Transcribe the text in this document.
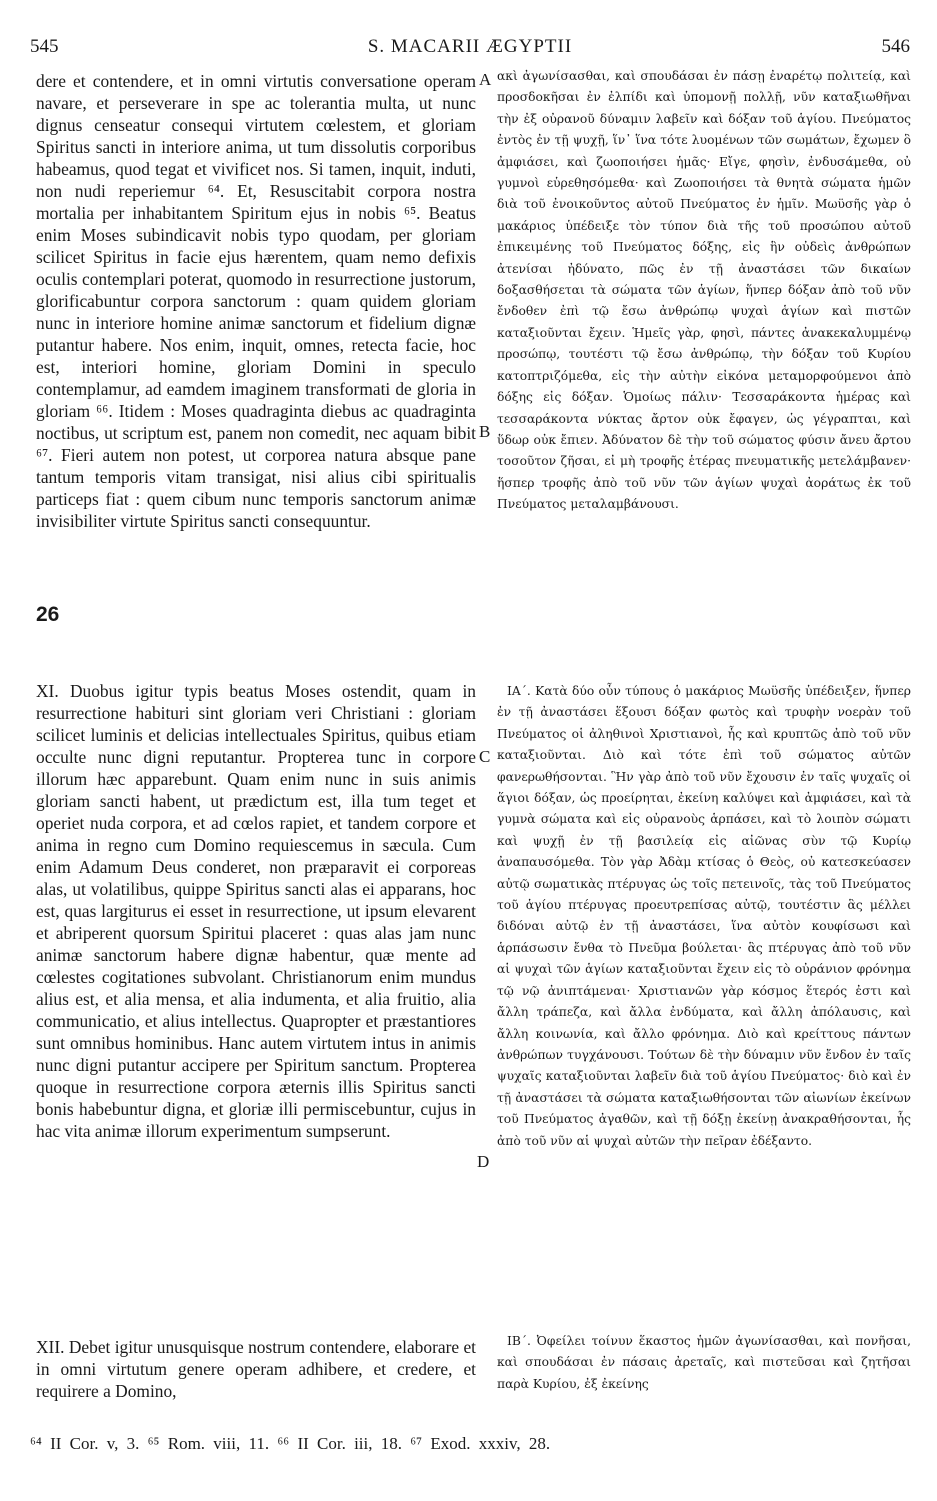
545	S. MACARII ÆGYPTII	546

dere et contendere, et in omni virtutis conversatione operam navare, et perseverare in spe ac tolerantia multa, ut nunc dignus censeatur consequi virtutem cœlestem, et gloriam Spiritus sancti in interiore anima, ut tum dissolutis corporibus habeamus, quod tegat et vivificet nos. Si tamen, inquit, induti, non nudi reperiemur ⁶⁴. Et, Resuscitabit corpora nostra mortalia per inhabitantem Spiritum ejus in nobis ⁶⁵. Beatus enim Moses subindicavit nobis typo quodam, per gloriam scilicet Spiritus in facie ejus hærentem, quam nemo defixis oculis contemplari poterat, quomodo in resurrectione justorum, glorificabuntur corpora sanctorum : quam quidem gloriam nunc in interiore homine animæ sanctorum et fidelium dignæ putantur habere. Nos enim, inquit, omnes, retecta facie, hoc est, interiori homine, gloriam Domini in speculo contemplamur, ad eamdem imaginem transformati de gloria in gloriam ⁶⁶. Itidem : Moses quadraginta diebus ac quadraginta noctibus, ut scriptum est, panem non comedit, nec aquam bibit ⁶⁷. Fieri autem non potest, ut corporea natura absque pane tantum temporis vitam transigat, nisi alius cibi spiritualis particeps fiat : quem cibum nunc temporis sanctorum animæ invisibiliter virtute Spiritus sancti consequuntur.

XI. Duobus igitur typis beatus Moses ostendit, quam in resurrectione habituri sint gloriam veri Christiani : gloriam scilicet luminis et delicias intellectuales Spiritus, quibus etiam occulte nunc digni reputantur. Propterea tunc in corpore illorum hæc apparebunt. Quam enim nunc in suis animis gloriam sancti habent, ut prædictum est, illa tum teget et operiet nuda corpora, et ad cœlos rapiet, et tandem corpore et anima in regno cum Domino requiescemus in sæcula. Cum enim Adamum Deus conderet, non præparavit ei corporeas alas, ut volatilibus, quippe Spiritus sancti alas ei apparans, hoc est, quas largiturus ei esset in resurrectione, ut ipsum elevarent et abriperent quorsum Spiritui placeret : quas alas jam nunc animæ sanctorum habere dignæ habentur, quæ mente ad cœlestes cogitationes subvolant. Christianorum enim mundus alius est, et alia mensa, et alia indumenta, et alia fruitio, alia communicatio, et alius intellectus. Quapropter et præstantiores sunt omnibus hominibus. Hanc autem virtutem intus in animis nunc digni putantur accipere per Spiritum sanctum. Propterea quoque in resurrectione corpora æternis illis Spiritus sancti bonis habebuntur digna, et gloriæ illi permiscebuntur, cujus in hac vita animæ illorum experimentum sumpserunt.

XII. Debet igitur unusquisque nostrum contendere, elaborare et in omni virtutum genere operam adhibere, et credere, et requirere a Domino,

ακὶ ἀγωνίσασθαι, καὶ σπουδάσαι ἐν πάσῃ ἐναρέτῳ πολιτείᾳ, καὶ προσδοκῆσαι ἐν ἐλπίδι καὶ ὑπομονῇ πολλῇ, νῦν καταξιωθῆναι τὴν ἐξ οὐρανοῦ δύναμιν λαβεῖν καὶ δόξαν τοῦ ἁγίου. Πνεύματος ἐντὸς ἐν τῇ ψυχῇ, ἵν᾽ ἵνα τότε λυομένων τῶν σωμάτων, ἔχωμεν ὃ ἀμφιάσει, καὶ ζωοποιήσει ἡμᾶς· Εἴγε, φησὶν, ἐνδυσάμεθα, οὐ γυμνοὶ εὑρεθησόμεθα· καὶ Ζωοποιήσει τὰ θνητὰ σώματα ἡμῶν διὰ τοῦ ἐνοικοῦντος αὐτοῦ Πνεύματος ἐν ἡμῖν. Μωϋσῆς γὰρ ὁ μακάριος ὑπέδειξε τὸν τύπον διὰ τῆς τοῦ προσώπου αὐτοῦ ἐπικειμένης τοῦ Πνεύματος δόξης, εἰς ἣν οὐδεὶς ἀνθρώπων ἀτενίσαι ἠδύνατο, πῶς ἐν τῇ ἀναστάσει τῶν δικαίων δοξασθήσεται τὰ σώματα τῶν ἁγίων, ἥνπερ δόξαν ἀπὸ τοῦ νῦν ἔνδοθεν ἐπὶ τῷ ἔσω ἀνθρώπῳ ψυχαὶ ἁγίων καὶ πιστῶν καταξιοῦνται ἔχειν. Ἡμεῖς γὰρ, φησὶ, πάντες ἀνακεκαλυμμένῳ προσώπῳ, τουτέστι τῷ ἔσω ἀνθρώπῳ, τὴν δόξαν τοῦ Κυρίου κατοπτριζόμεθα, εἰς τὴν αὐτὴν εἰκόνα μεταμορφούμενοι ἀπὸ δόξης εἰς δόξαν. Ὁμοίως πάλιν· Τεσσαράκοντα ἡμέρας καὶ τεσσαράκοντα νύκτας ἄρτον οὐκ ἔφαγεν, ὡς γέγραπται, καὶ ὕδωρ οὐκ ἔπιεν. Ἀδύνατον δὲ τὴν τοῦ σώματος φύσιν ἄνευ ἄρτου τοσοῦτον ζῆσαι, εἰ μὴ τροφῆς ἑτέρας πνευματικῆς μετελάμβανεν· ἥσπερ τροφῆς ἀπὸ τοῦ νῦν τῶν ἁγίων ψυχαὶ ἀοράτως ἐκ τοῦ Πνεύματος μεταλαμβάνουσι.

ΙΑ΄. Κατὰ δύο οὖν τύπους ὁ μακάριος Μωϋσῆς ὑπέδειξεν, ἥνπερ ἐν τῇ ἀναστάσει ἕξουσι δόξαν φωτὸς καὶ τρυφὴν νοερὰν τοῦ Πνεύματος οἱ ἀληθινοὶ Χριστιανοὶ, ἧς καὶ κρυπτῶς ἀπὸ τοῦ νῦν καταξιοῦνται. Διὸ καὶ τότε ἐπὶ τοῦ σώματος αὐτῶν φανερωθήσονται. Ἣν γὰρ ἀπὸ τοῦ νῦν ἔχουσιν ἐν ταῖς ψυχαῖς οἱ ἅγιοι δόξαν, ὡς προείρηται, ἐκείνη καλύψει καὶ ἀμφιάσει, καὶ τὰ γυμνὰ σώματα καὶ εἰς οὐρανοὺς ἁρπάσει, καὶ τὸ λοιπὸν σώματι καὶ ψυχῇ ἐν τῇ βασιλείᾳ εἰς αἰῶνας σὺν τῷ Κυρίῳ ἀναπαυσόμεθα. Τὸν γὰρ Ἀδὰμ κτίσας ὁ Θεὸς, οὐ κατεσκεύασεν αὐτῷ σωματικὰς πτέρυγας ὡς τοῖς πετεινοῖς, τὰς τοῦ Πνεύματος τοῦ ἁγίου πτέρυγας προευτρεπίσας αὐτῷ, τουτέστιν ἃς μέλλει διδόναι αὐτῷ ἐν τῇ ἀναστάσει, ἵνα αὐτὸν κουφίσωσι καὶ ἁρπάσωσιν ἔνθα τὸ Πνεῦμα βούλεται· ἃς πτέρυγας ἀπὸ τοῦ νῦν αἱ ψυχαὶ τῶν ἁγίων καταξιοῦνται ἔχειν εἰς τὸ οὐράνιον φρόνημα τῷ νῷ ἀνιπτάμεναι· Χριστιανῶν γὰρ κόσμος ἕτερός ἐστι καὶ ἄλλη τράπεζα, καὶ ἄλλα ἐνδύματα, καὶ ἄλλη ἀπόλαυσις, καὶ ἄλλη κοινωνία, καὶ ἄλλο φρόνημα. Διὸ καὶ κρείττους πάντων ἀνθρώπων τυγχάνουσι. Τούτων δὲ τὴν δύναμιν νῦν ἔνδον ἐν ταῖς ψυχαῖς καταξιοῦνται λαβεῖν διὰ τοῦ ἁγίου Πνεύματος· διὸ καὶ ἐν τῇ ἀναστάσει τὰ σώματα καταξιωθήσονται τῶν αἰωνίων ἐκείνων τοῦ Πνεύματος ἀγαθῶν, καὶ τῇ δόξῃ ἐκείνῃ ἀνακραθήσονται, ἧς ἀπὸ τοῦ νῦν αἱ ψυχαὶ αὐτῶν τὴν πεῖραν ἐδέξαντο.

ΙΒ΄. Ὀφείλει τοίνυν ἕκαστος ἡμῶν ἀγωνίσασθαι, καὶ πονῆσαι, καὶ σπουδάσαι ἐν πάσαις ἀρεταῖς, καὶ πιστεῦσαι καὶ ζητῆσαι παρὰ Κυρίου, ἐξ ἐκείνης

A
B
C
D
26
⁶⁴ II Cor. v, 3. ⁶⁵ Rom. viii, 11. ⁶⁶ II Cor. iii, 18. ⁶⁷ Exod. xxxiv, 28.
